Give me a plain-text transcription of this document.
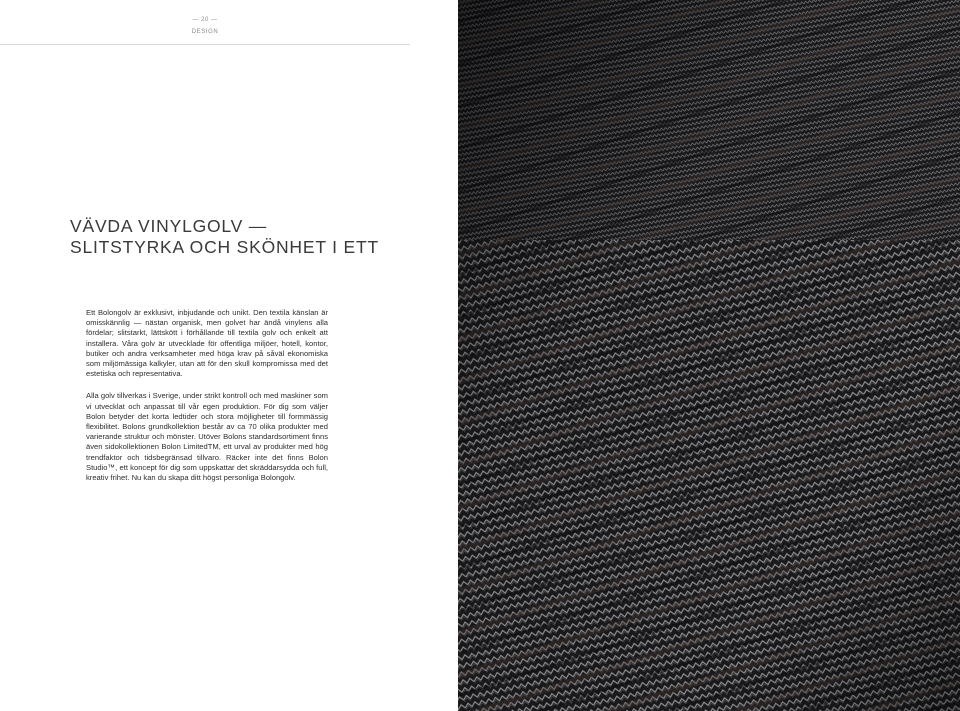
— 20 —
DESIGN
VÄVDA VINYLGOLV —
SLITSTYRKA OCH SKÖNHET I ETT

Ett Bolongolv är exklusivt, inbjudande och unikt. Den textila känslan är omisskännlig — nästan organisk, men golvet har ändå vinylens alla fördelar; slitstarkt, lättskött i förhållande till textila golv och enkelt att installera. Våra golv är utvecklade för offentliga miljöer, hotell, kontor, butiker och andra verksamheter med höga krav på såväl ekonomiska som miljömässiga kalkyler, utan att för den skull kompromissa med det estetiska och representativa.

Alla golv tillverkas i Sverige, under strikt kontroll och med maskiner som vi utvecklat och anpassat till vår egen produktion. För dig som väljer Bolon betyder det korta ledtider och stora möjligheter till formmässig flexibilitet. Bolons grundkollektion består av ca 70 olika produkter med varierande struktur och mönster. Utöver Bolons standardsortiment finns även sidokollektionen Bolon LimitedTM, ett urval av produkter med hög trendfaktor och tidsbegränsad tillvaro. Räcker inte det finns Bolon Studio™, ett koncept för dig som uppskattar det skräddarsydda och full, kreativ frihet. Nu kan du skapa ditt högst personliga Bolongolv.
